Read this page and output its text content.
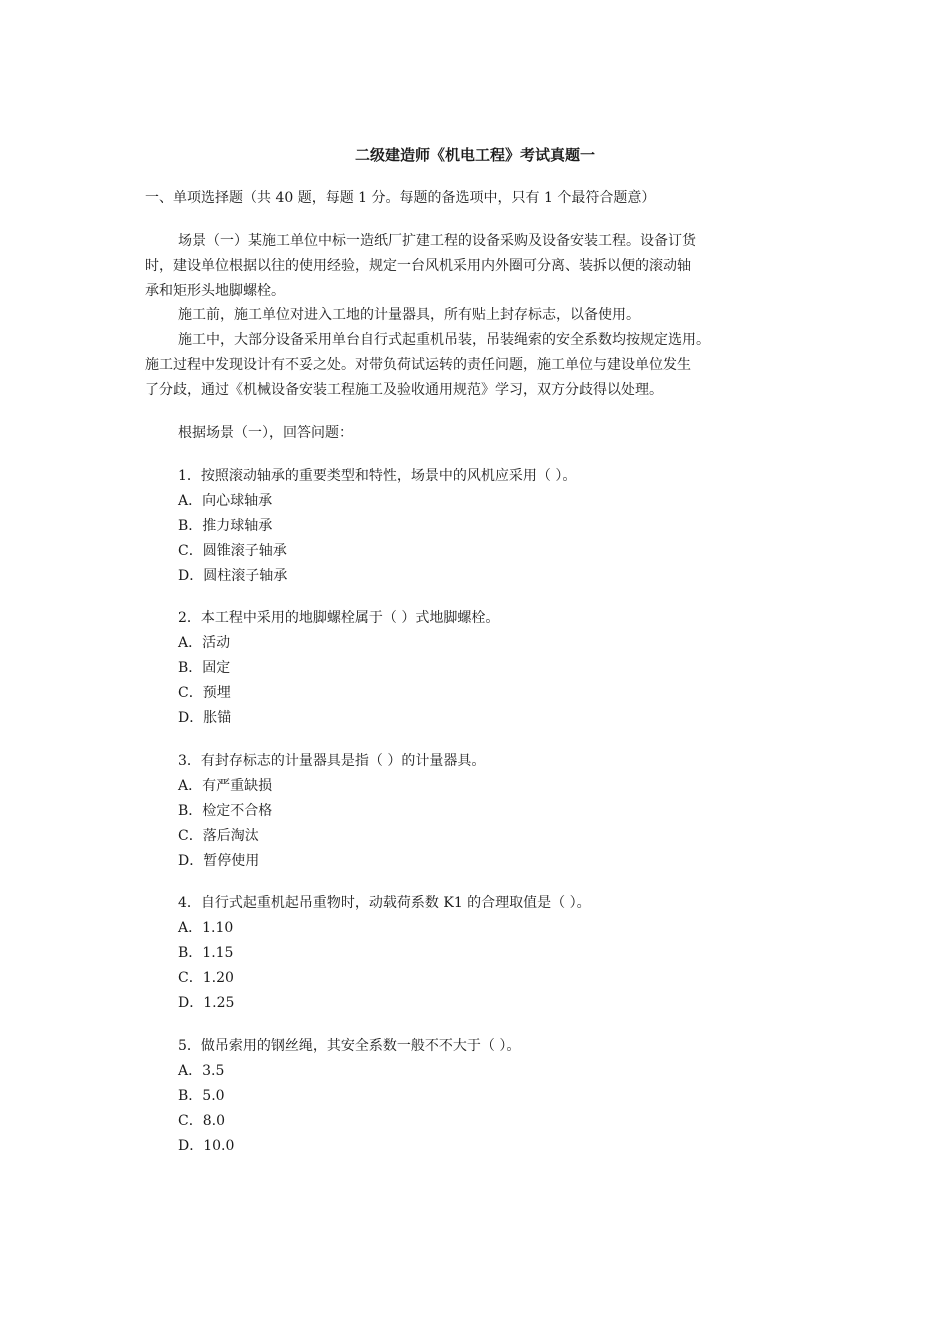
二级建造师《机电工程》考试真题一
一、单项选择题（共 40 题，每题 1 分。每题的备选项中，只有 1 个最符合题意）
场景（一）某施工单位中标一造纸厂扩建工程的设备采购及设备安装工程。设备订货
时，建设单位根据以往的使用经验，规定一台风机采用内外圈可分离、装拆以便的滚动轴
承和矩形头地脚螺栓。
施工前，施工单位对进入工地的计量器具，所有贴上封存标志，以备使用。
施工中，大部分设备采用单台自行式起重机吊装，吊装绳索的安全系数均按规定选用。
施工过程中发现设计有不妥之处。对带负荷试运转的责任问题，施工单位与建设单位发生
了分歧，通过《机械设备安装工程施工及验收通用规范》学习，双方分歧得以处理。
根据场景（一），回答问题：
1．按照滚动轴承的重要类型和特性，场景中的风机应采用（ ）。
A．向心球轴承
B．推力球轴承
C．圆锥滚子轴承
D．圆柱滚子轴承
2．本工程中采用的地脚螺栓属于（ ）式地脚螺栓。
A．活动
B．固定
C．预埋
D．胀锚
3．有封存标志的计量器具是指（ ）的计量器具。
A．有严重缺损
B．检定不合格
C．落后淘汰
D．暂停使用
4．自行式起重机起吊重物时，动载荷系数 K1 的合理取值是（ ）。
A．1.10
B．1.15
C．1.20
D．1.25
5．做吊索用的钢丝绳，其安全系数一般不不大于（ ）。
A．3.5
B．5.0
C．8.0
D．10.0
